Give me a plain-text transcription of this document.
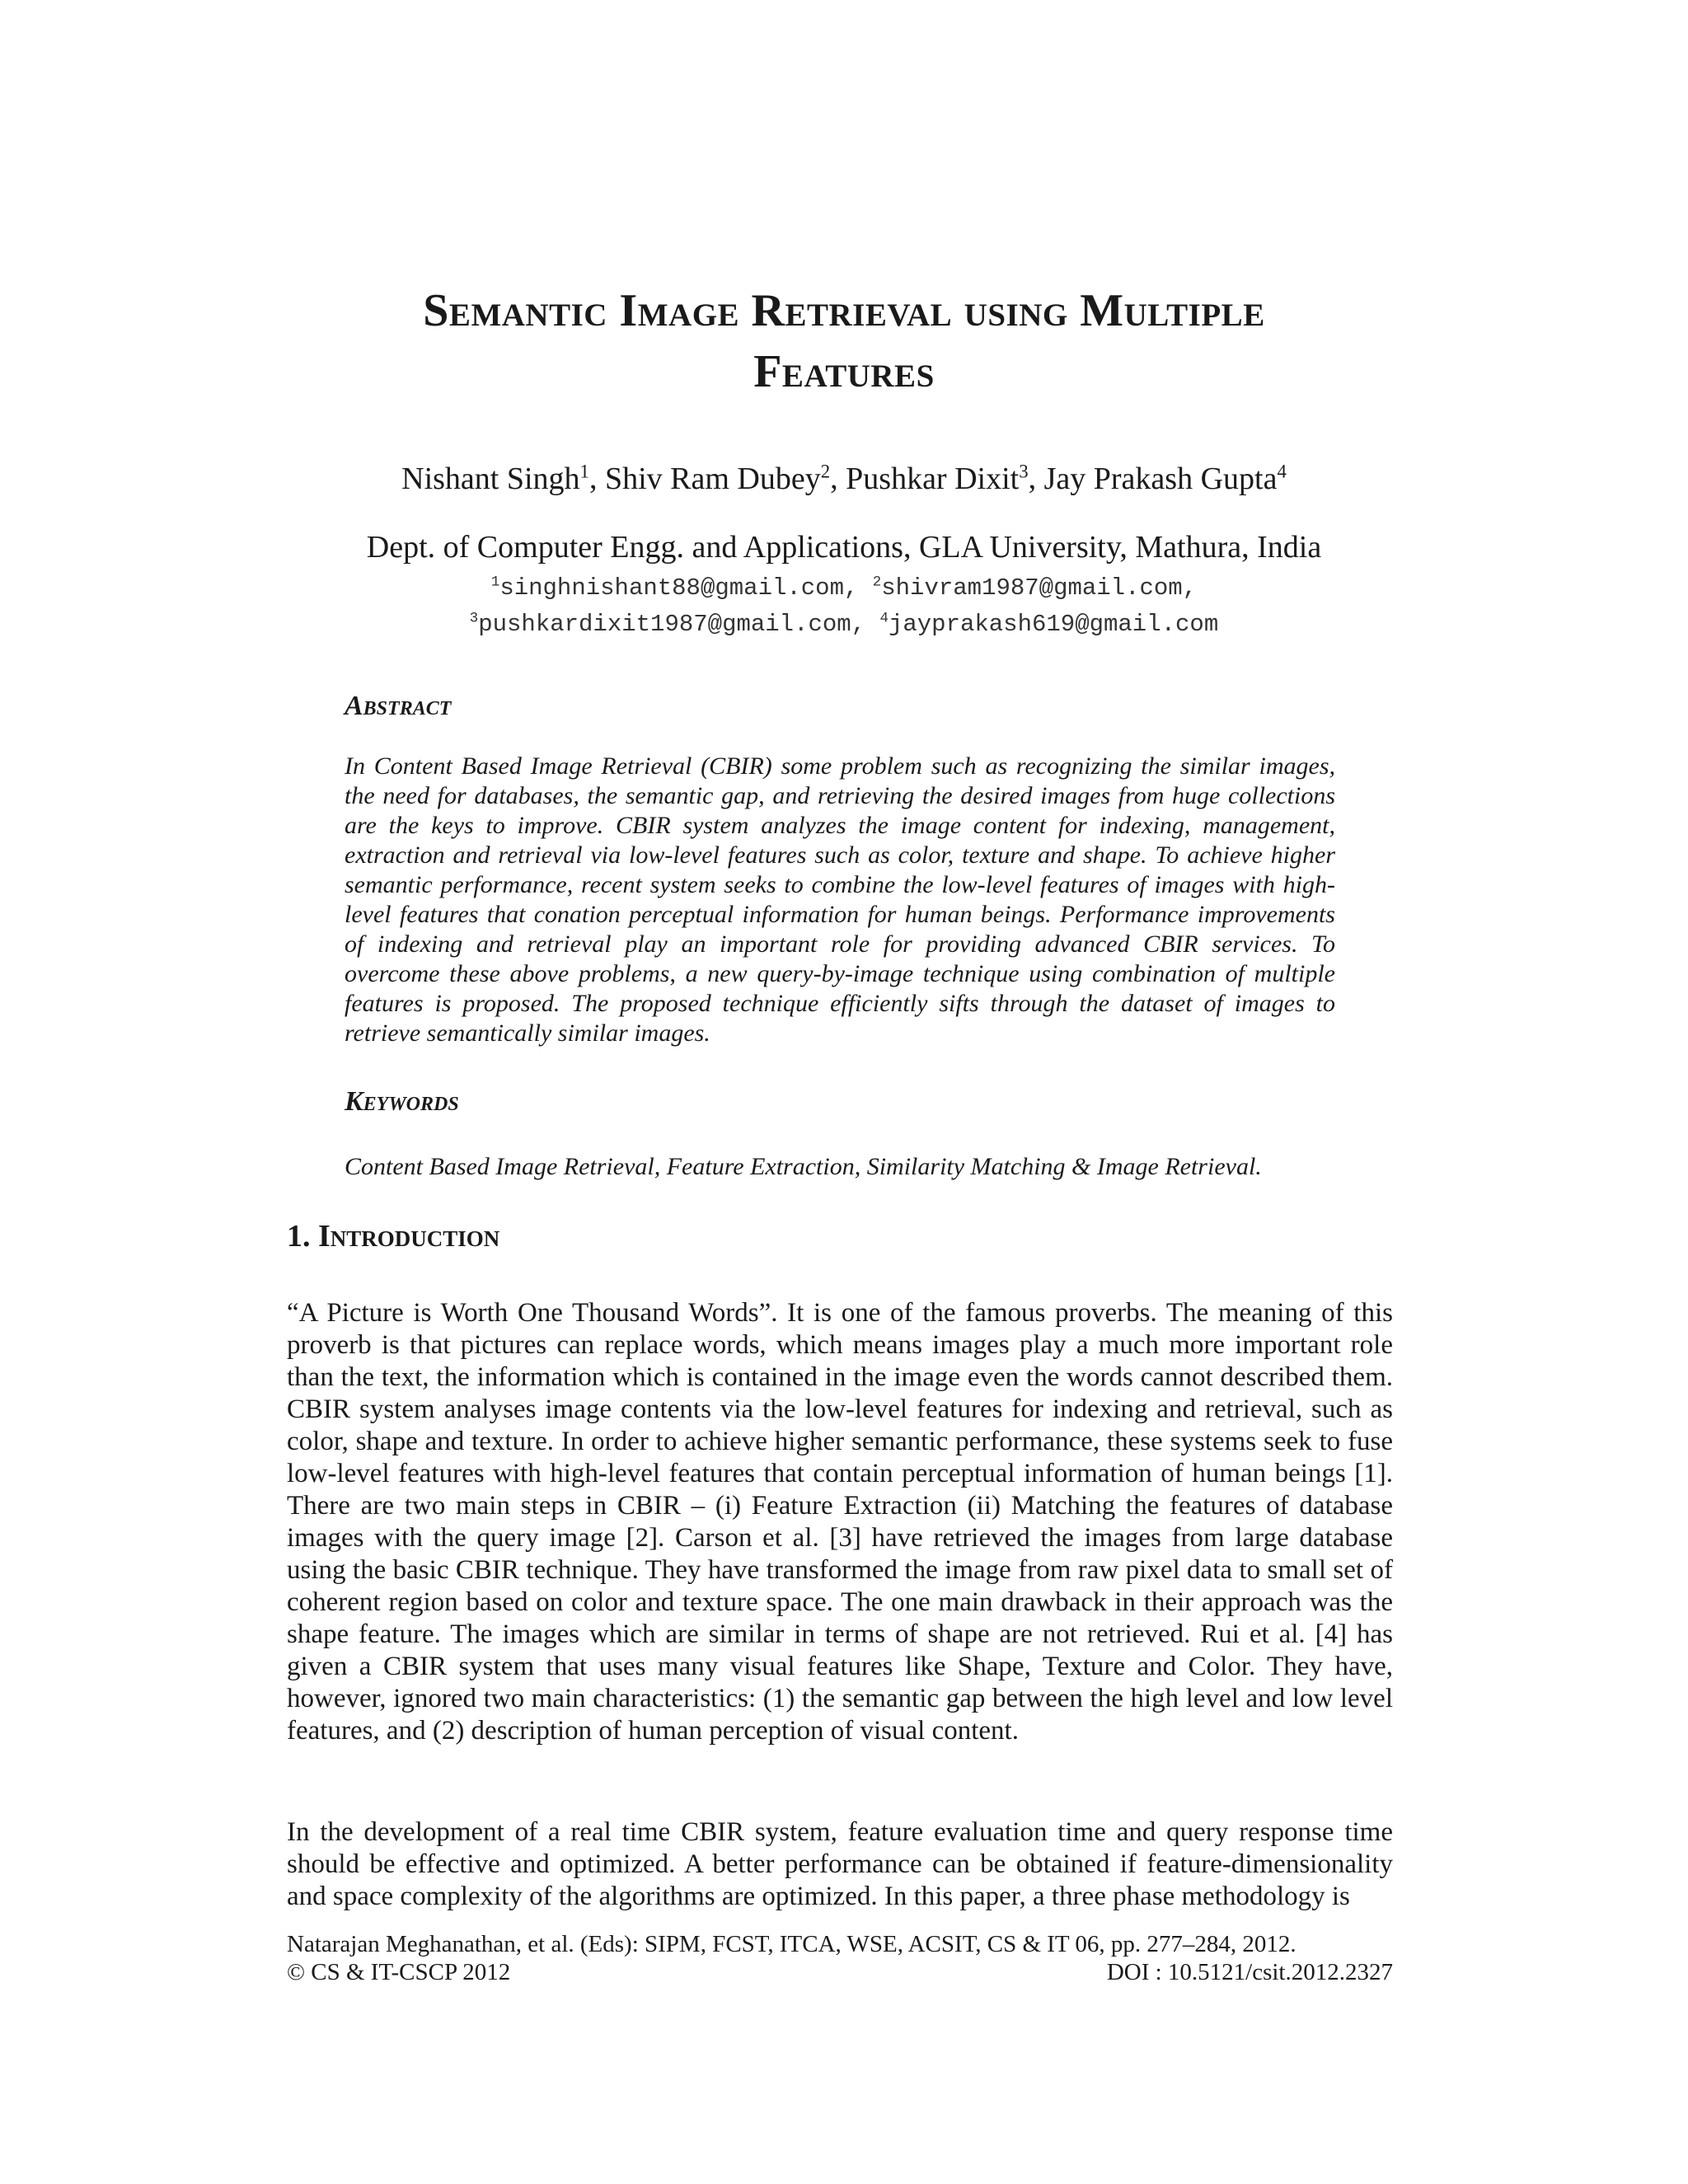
Semantic Image Retrieval using Multiple
Features
Nishant Singh$^1$, Shiv Ram Dubey$^2$, Pushkar Dixit$^3$, Jay Prakash Gupta$^4$
Dept. of Computer Engg. and Applications, GLA University, Mathura, India
$^1$singhnishant88@gmail.com, $^2$shivram1987@gmail.com,
$^3$pushkardixit1987@gmail.com, $^4$jayprakash619@gmail.com
Abstract
In Content Based Image Retrieval (CBIR) some problem such as recognizing the similar images, the need for databases, the semantic gap, and retrieving the desired images from huge collections are the keys to improve. CBIR system analyzes the image content for indexing, management, extraction and retrieval via low-level features such as color, texture and shape. To achieve higher semantic performance, recent system seeks to combine the low-level features of images with high-level features that conation perceptual information for human beings. Performance improvements of indexing and retrieval play an important role for providing advanced CBIR services. To overcome these above problems, a new query-by-image technique using combination of multiple features is proposed. The proposed technique efficiently sifts through the dataset of images to retrieve semantically similar images.
Keywords
Content Based Image Retrieval, Feature Extraction, Similarity Matching & Image Retrieval.
1. Introduction
“A Picture is Worth One Thousand Words”. It is one of the famous proverbs. The meaning of this proverb is that pictures can replace words, which means images play a much more important role than the text, the information which is contained in the image even the words cannot described them. CBIR system analyses image contents via the low-level features for indexing and retrieval, such as color, shape and texture. In order to achieve higher semantic performance, these systems seek to fuse low-level features with high-level features that contain perceptual information of human beings [1]. There are two main steps in CBIR – (i) Feature Extraction (ii) Matching the features of database images with the query image [2]. Carson et al. [3] have retrieved the images from large database using the basic CBIR technique. They have transformed the image from raw pixel data to small set of coherent region based on color and texture space. The one main drawback in their approach was the shape feature. The images which are similar in terms of shape are not retrieved. Rui et al. [4] has given a CBIR system that uses many visual features like Shape, Texture and Color. They have, however, ignored two main characteristics: (1) the semantic gap between the high level and low level features, and (2) description of human perception of visual content.
In the development of a real time CBIR system, feature evaluation time and query response time should be effective and optimized. A better performance can be obtained if feature-dimensionality and space complexity of the algorithms are optimized. In this paper, a three phase methodology is
Natarajan Meghanathan, et al. (Eds): SIPM, FCST, ITCA, WSE, ACSIT, CS & IT 06, pp. 277–284, 2012.
© CS & IT-CSCP 2012	DOI : 10.5121/csit.2012.2327
